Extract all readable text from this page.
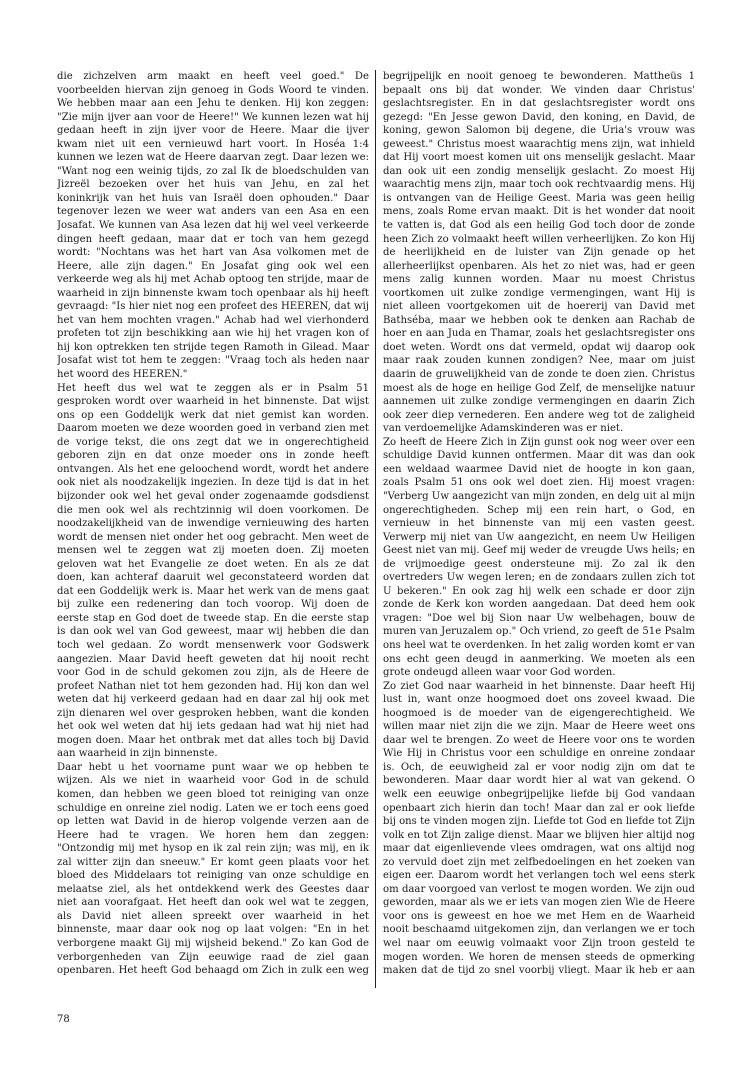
die zichzelven arm maakt en heeft veel goed." De voorbeelden hiervan zijn genoeg in Gods Woord te vinden. We hebben maar aan een Jehu te denken. Hij kon zeggen: "Zie mijn ijver aan voor de Heere!" We kunnen lezen wat hij gedaan heeft in zijn ijver voor de Heere. Maar die ijver kwam niet uit een vernieuwd hart voort. In Hoséa 1:4 kunnen we lezen wat de Heere daarvan zegt. Daar lezen we: "Want nog een weinig tijds, zo zal Ik de bloedschulden van Jizreël bezoeken over het huis van Jehu, en zal het koninkrijk van het huis van Israël doen ophouden." Daar tegenover lezen we weer wat anders van een Asa en een Josafat. We kunnen van Asa lezen dat hij wel veel verkeerde dingen heeft gedaan, maar dat er toch van hem gezegd wordt: "Nochtans was het hart van Asa volkomen met de Heere, alle zijn dagen." En Josafat ging ook wel een verkeerde weg als hij met Achab optoog ten strijde, maar de waarheid in zijn binnenste kwam toch openbaar als hij heeft gevraagd: "Is hier niet nog een profeet des HEEREN, dat wij het van hem mochten vragen." Achab had wel vierhonderd profeten tot zijn beschikking aan wie hij het vragen kon of hij kon optrekken ten strijde tegen Ramoth in Gilead. Maar Josafat wist tot hem te zeggen: "Vraag toch als heden naar het woord des HEEREN."

Het heeft dus wel wat te zeggen als er in Psalm 51 gesproken wordt over waarheid in het binnenste. Dat wijst ons op een Goddelijk werk dat niet gemist kan worden. Daarom moeten we deze woorden goed in verband zien met de vorige tekst, die ons zegt dat we in ongerechtigheid geboren zijn en dat onze moeder ons in zonde heeft ontvangen. Als het ene geloochend wordt, wordt het andere ook niet als noodzakelijk ingezien. In deze tijd is dat in het bijzonder ook wel het geval onder zogenaamde godsdienst die men ook wel als rechtzinnig wil doen voorkomen. De noodzakelijkheid van de inwendige vernieuwing des harten wordt de mensen niet onder het oog gebracht. Men weet de mensen wel te zeggen wat zij moeten doen. Zij moeten geloven wat het Evangelie ze doet weten. En als ze dat doen, kan achteraf daaruit wel geconstateerd worden dat dat een Goddelijk werk is. Maar het werk van de mens gaat bij zulke een redenering dan toch voorop. Wij doen de eerste stap en God doet de tweede stap. En die eerste stap is dan ook wel van God geweest, maar wij hebben die dan toch wel gedaan. Zo wordt mensenwerk voor Godswerk aangezien. Maar David heeft geweten dat hij nooit recht voor God in de schuld gekomen zou zijn, als de Heere de profeet Nathan niet tot hem gezonden had. Hij kon dan wel weten dat hij verkeerd gedaan had en daar zal hij ook met zijn dienaren wel over gesproken hebben, want die konden het ook wel weten dat hij iets gedaan had wat hij niet had mogen doen. Maar het ontbrak met dat alles toch bij David aan waarheid in zijn binnenste.

Daar hebt u het voorname punt waar we op hebben te wijzen. Als we niet in waarheid voor God in de schuld komen, dan hebben we geen bloed tot reiniging van onze schuldige en onreine ziel nodig. Laten we er toch eens goed op letten wat David in de hierop volgende verzen aan de Heere had te vragen. We horen hem dan zeggen: "Ontzondig mij met hysop en ik zal rein zijn; was mij, en ik zal witter zijn dan sneeuw." Er komt geen plaats voor het bloed des Middelaars tot reiniging van onze schuldige en melaatse ziel, als het ontdekkend werk des Geestes daar niet aan voorafgaat. Het heeft dan ook wel wat te zeggen, als David niet alleen spreekt over waarheid in het binnenste, maar daar ook nog op laat volgen: "En in het verborgene maakt Gij mij wijsheid bekend." Zo kan God de verborgenheden van Zijn eeuwige raad de ziel gaan openbaren. Het heeft God behaagd om Zich in zulk een weg

begrijpelijk en nooit genoeg te bewonderen. Mattheüs 1 bepaalt ons bij dat wonder. We vinden daar Christus' geslachtsregister. En in dat geslachtsregister wordt ons gezegd: "En Jesse gewon David, den koning, en David, de koning, gewon Salomon bij degene, die Uria's vrouw was geweest." Christus moest waarachtig mens zijn, wat inhield dat Hij voort moest komen uit ons menselijk geslacht. Maar dan ook uit een zondig menselijk geslacht. Zo moest Hij waarachtig mens zijn, maar toch ook rechtvaardig mens. Hij is ontvangen van de Heilige Geest. Maria was geen heilig mens, zoals Rome ervan maakt. Dit is het wonder dat nooit te vatten is, dat God als een heilig God toch door de zonde heen Zich zo volmaakt heeft willen verheerlijken. Zo kon Hij de heerlijkheid en de luister van Zijn genade op het allerheerlijkst openbaren. Als het zo niet was, had er geen mens zalig kunnen worden. Maar nu moest Christus voortkomen uit zulke zondige vermengingen, want Hij is niet alleen voortgekomen uit de hoererij van David met Bathséba, maar we hebben ook te denken aan Rachab de hoer en aan Juda en Thamar, zoals het geslachtsregister ons doet weten. Wordt ons dat vermeld, opdat wij daarop ook maar raak zouden kunnen zondigen? Nee, maar om juist daarin de gruwelijkheid van de zonde te doen zien. Christus moest als de hoge en heilige God Zelf, de menselijke natuur aannemen uit zulke zondige vermengingen en daarin Zich ook zeer diep vernederen. Een andere weg tot de zaligheid van verdoemelijke Adamskinderen was er niet.

Zo heeft de Heere Zich in Zijn gunst ook nog weer over een schuldige David kunnen ontfermen. Maar dit was dan ook een weldaad waarmee David niet de hoogte in kon gaan, zoals Psalm 51 ons ook wel doet zien. Hij moest vragen: "Verberg Uw aangezicht van mijn zonden, en delg uit al mijn ongerechtigheden. Schep mij een rein hart, o God, en vernieuw in het binnenste van mij een vasten geest. Verwerp mij niet van Uw aangezicht, en neem Uw Heiligen Geest niet van mij. Geef mij weder de vreugde Uws heils; en de vrijmoedige geest ondersteune mij. Zo zal ik den overtreders Uw wegen leren; en de zondaars zullen zich tot U bekeren." En ook zag hij welk een schade er door zijn zonde de Kerk kon worden aangedaan. Dat deed hem ook vragen: "Doe wel bij Sion naar Uw welbehagen, bouw de muren van Jeruzalem op." Och vriend, zo geeft de 51e Psalm ons heel wat te overdenken. In het zalig worden komt er van ons echt geen deugd in aanmerking. We moeten als een grote ondeugd alleen waar voor God worden.

Zo ziet God naar waarheid in het binnenste. Daar heeft Hij lust in, want onze hoogmoed doet ons zoveel kwaad. Die hoogmoed is de moeder van de eigengerechtigheid. We willen maar niet zijn die we zijn. Maar de Heere weet ons daar wel te brengen. Zo weet de Heere voor ons te worden Wie Hij in Christus voor een schuldige en onreine zondaar is. Och, de eeuwigheid zal er voor nodig zijn om dat te bewonderen. Maar daar wordt hier al wat van gekend. O welk een eeuwige onbegrijpelijke liefde bij God vandaan openbaart zich hierin dan toch! Maar dan zal er ook liefde bij ons te vinden mogen zijn. Liefde tot God en liefde tot Zijn volk en tot Zijn zalige dienst. Maar we blijven hier altijd nog maar dat eigenlievende vlees omdragen, wat ons altijd nog zo vervuld doet zijn met zelfbedoelingen en het zoeken van eigen eer. Daarom wordt het verlangen toch wel eens sterk om daar voorgoed van verlost te mogen worden. We zijn oud geworden, maar als we er iets van mogen zien Wie de Heere voor ons is geweest en hoe we met Hem en de Waarheid nooit beschaamd uitgekomen zijn, dan verlangen we er toch wel naar om eeuwig volmaakt voor Zijn troon gesteld te mogen worden. We horen de mensen steeds de opmerking maken dat de tijd zo snel voorbij vliegt. Maar ik heb er aan

78
